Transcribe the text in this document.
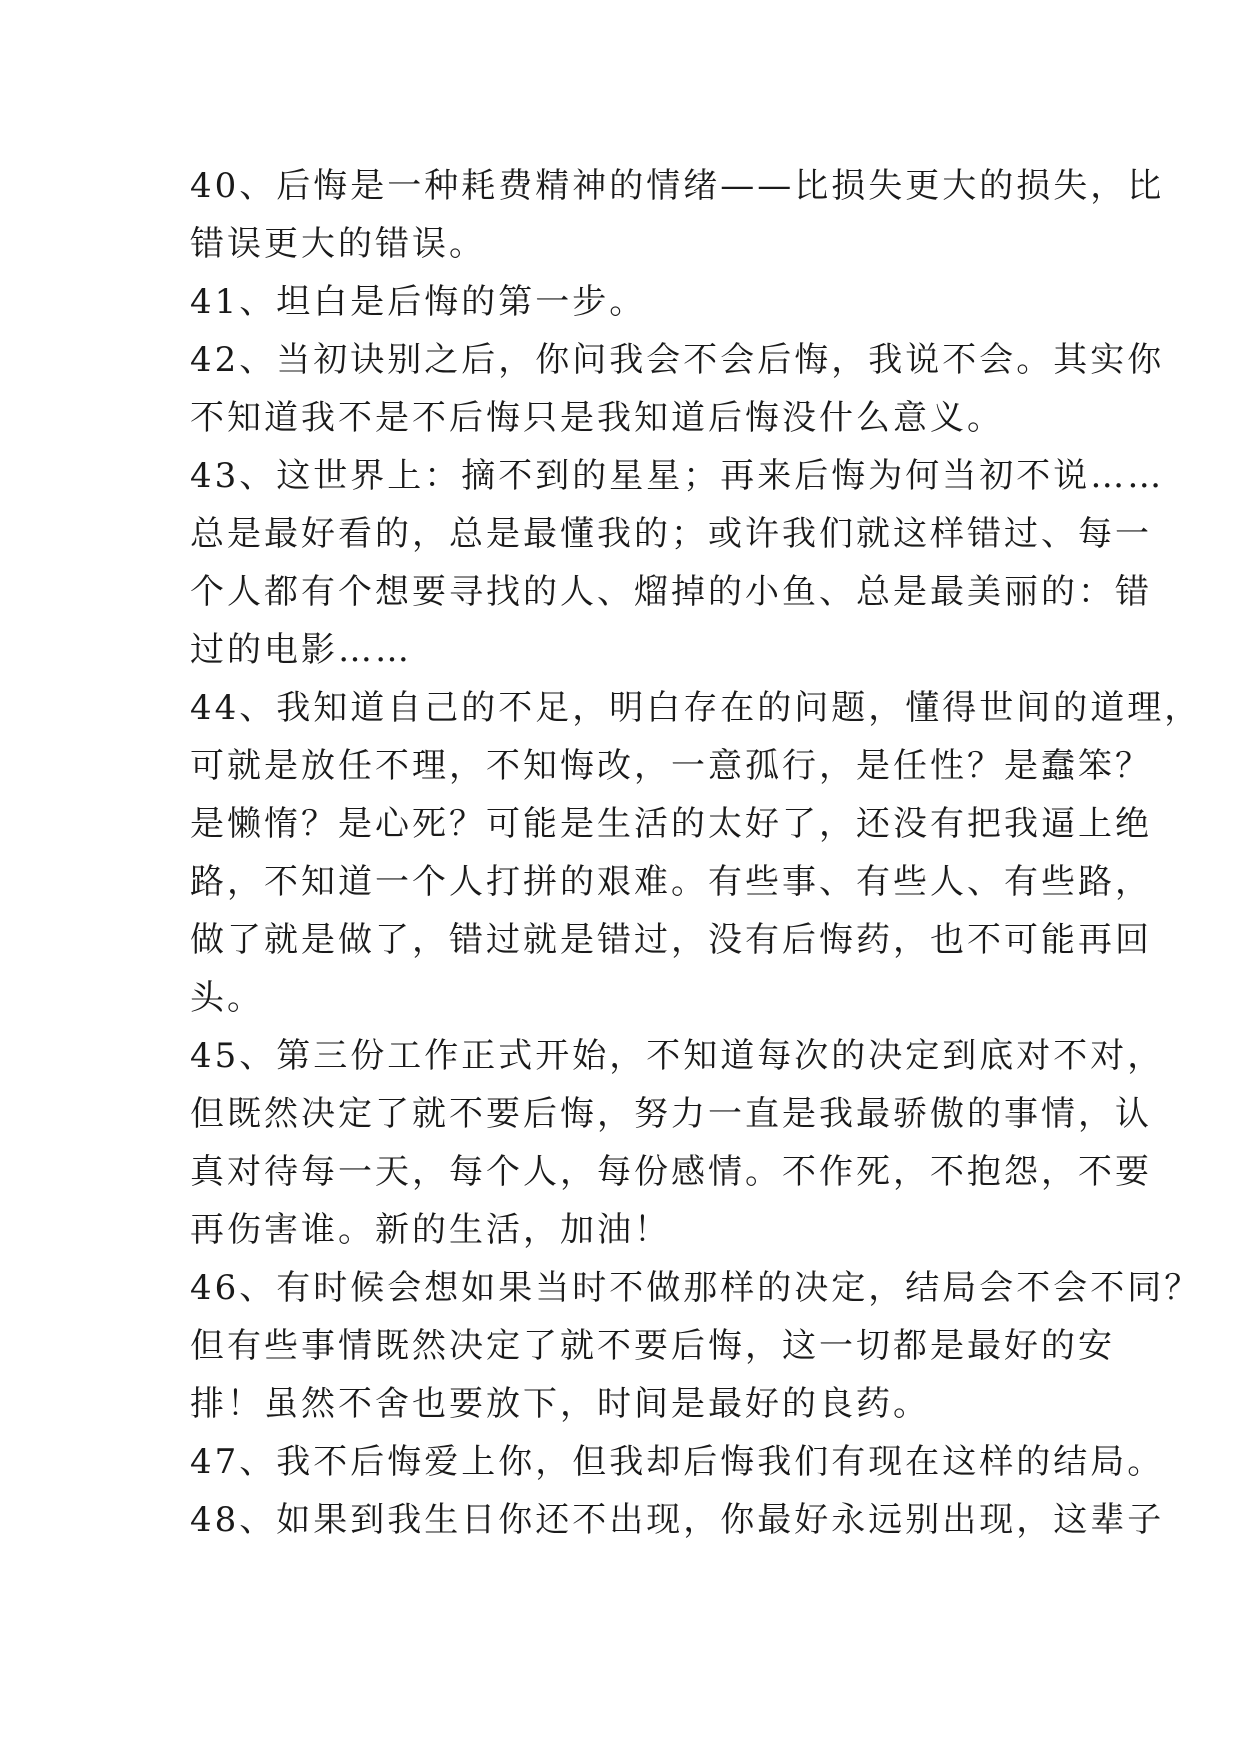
40、后悔是一种耗费精神的情绪——比损失更大的损失，比
错误更大的错误。
41、坦白是后悔的第一步。
42、当初诀别之后，你问我会不会后悔，我说不会。其实你
不知道我不是不后悔只是我知道后悔没什么意义。
43、这世界上：摘不到的星星；再来后悔为何当初不说……
总是最好看的，总是最懂我的；或许我们就这样错过、每一
个人都有个想要寻找的人、熘掉的小鱼、总是最美丽的：错
过的电影……
44、我知道自己的不足，明白存在的问题，懂得世间的道理，
可就是放任不理，不知悔改，一意孤行，是任性？是蠢笨？
是懒惰？是心死？可能是生活的太好了，还没有把我逼上绝
路，不知道一个人打拼的艰难。有些事、有些人、有些路，
做了就是做了，错过就是错过，没有后悔药，也不可能再回
头。
45、第三份工作正式开始，不知道每次的决定到底对不对，
但既然决定了就不要后悔，努力一直是我最骄傲的事情，认
真对待每一天，每个人，每份感情。不作死，不抱怨，不要
再伤害谁。新的生活，加油！
46、有时候会想如果当时不做那样的决定，结局会不会不同？
但有些事情既然决定了就不要后悔，这一切都是最好的安
排！虽然不舍也要放下，时间是最好的良药。
47、我不后悔爱上你，但我却后悔我们有现在这样的结局。
48、如果到我生日你还不出现，你最好永远别出现，这辈子
